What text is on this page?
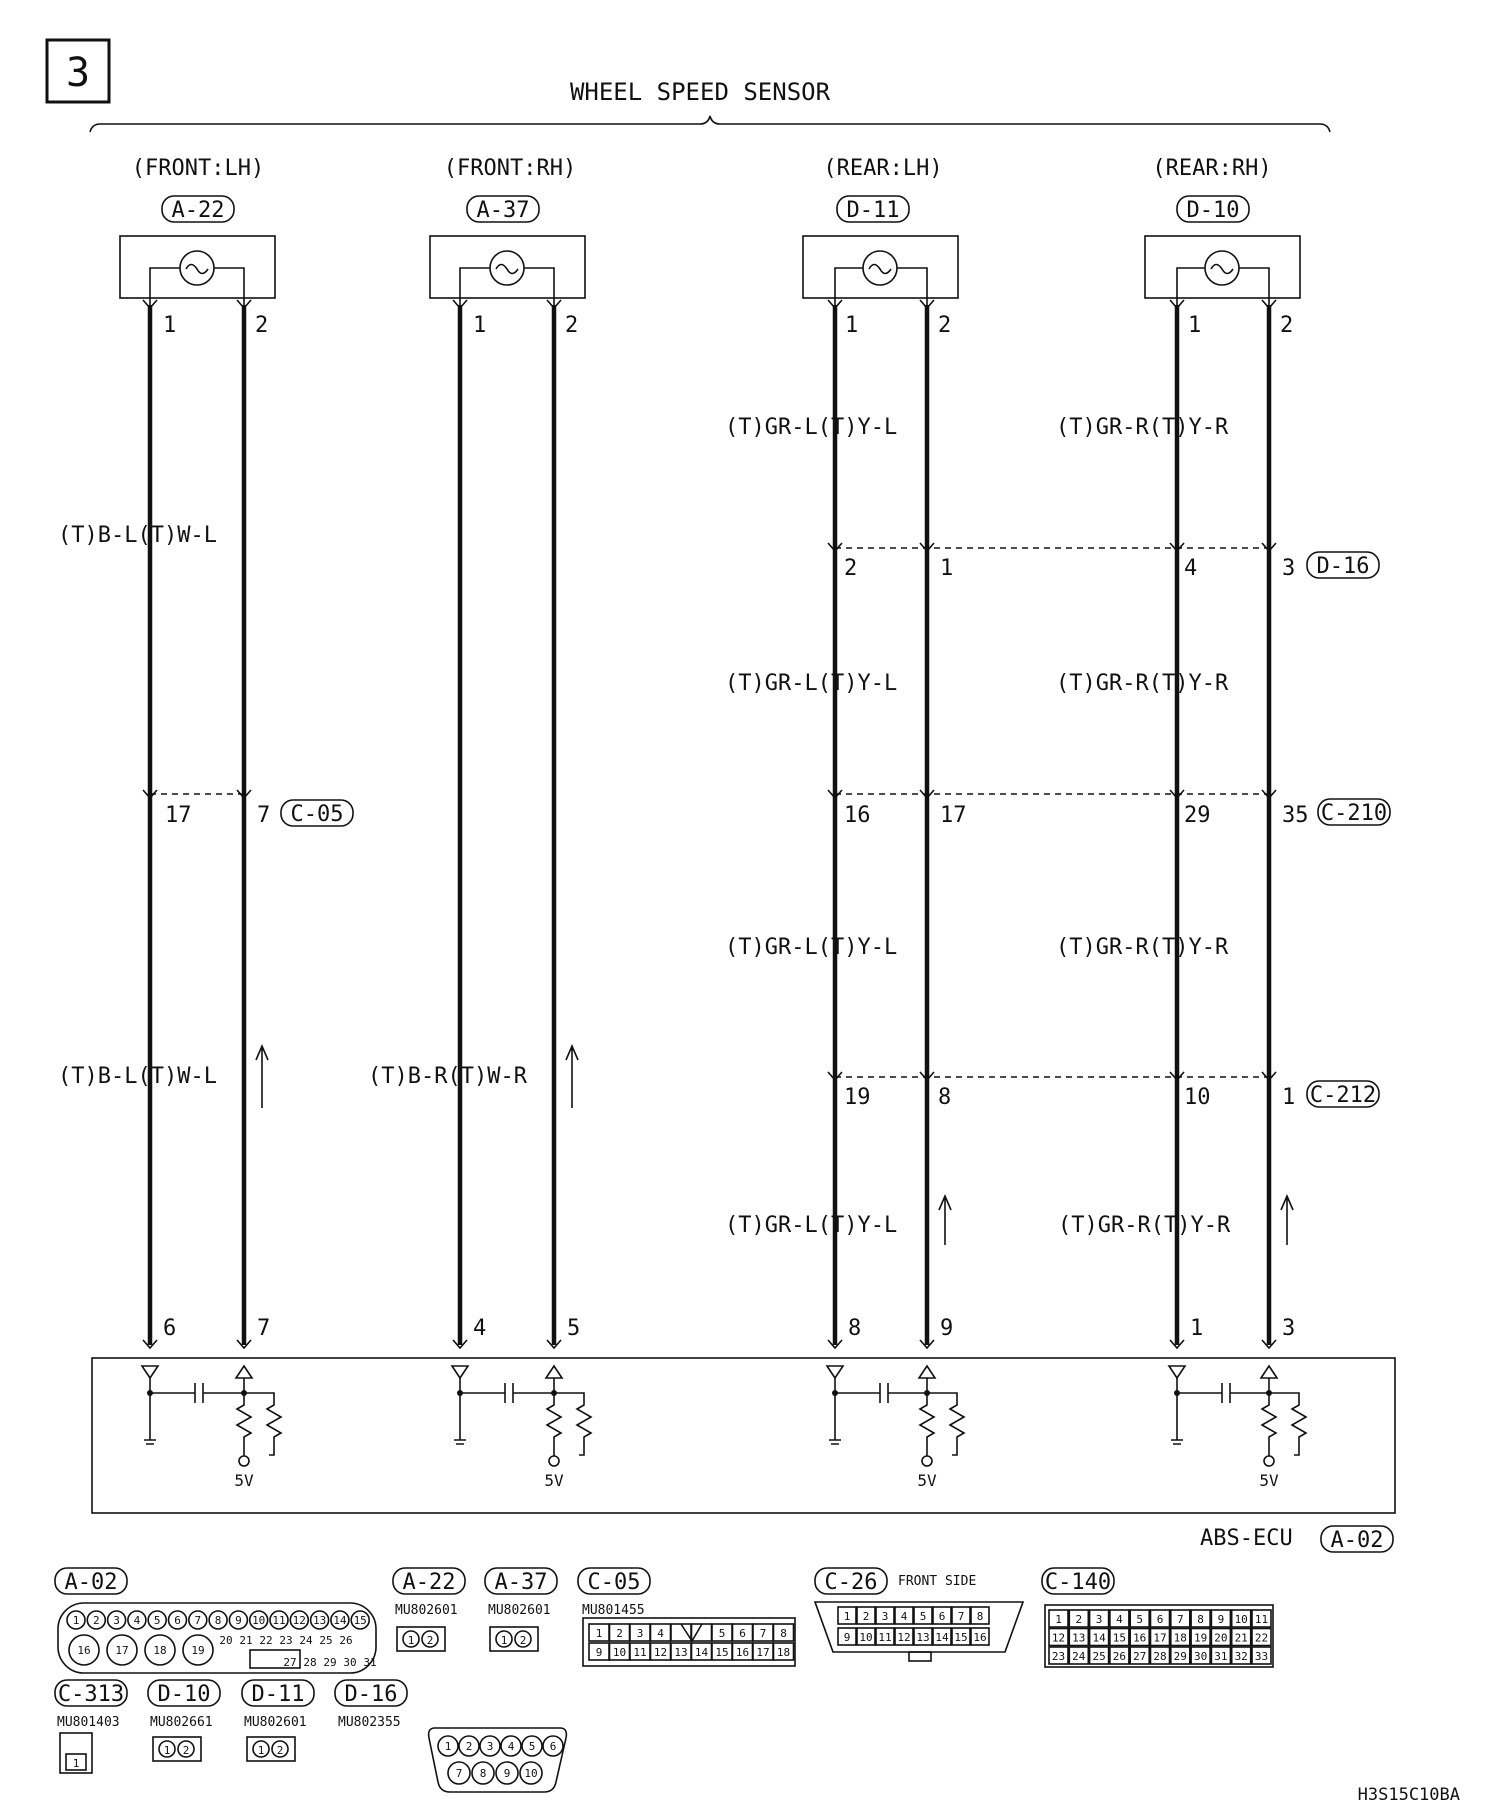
3	WHEEL SPEED SENSOR
(FRONT:LH)
A-22
1	2
(FRONT:RH)
A-37
1	2
(REAR:LH)
D-11
1	2
(REAR:RH)
D-10
1	2
(T)B-L(T)W-L
(T)B-L(T)W-L	(T)B-R(T)W-R
(T)GR-L(T)Y-L
(T)GR-L(T)Y-L
(T)GR-L(T)Y-L
(T)GR-L(T)Y-L
(T)GR-R(T)Y-R
(T)GR-R(T)Y-R
(T)GR-R(T)Y-R
(T)GR-R(T)Y-R
2	1	4	3 D-16
17	7 C-05	16	17	29	35 C-210
19	8	10	1 C-212
6	7	4	5	8	9	1	3
5V	5V	5V	5V
ABS-ECU A-02
A-02
1 2 3 4 5 6 7 8 9 10 11 12 13 14 15
16 17 18 19
20 21 22 23 24 25 26
27 28 29 30 31
A-22
MU802601
1 2
A-37
MU802601
1 2
C-05
MU801455
1 2 3 4	5 6 7 8
9 10 11 12 13 14 15 16 17 18
C-26 FRONT SIDE
1 2 3 4 5 6 7 8
9 10 11 12 13 14 15 16
C-140
1 2 3 4 5 6 7 8 9 10 11
12 13 14 15 16 17 18 19 20 21 22
23 24 25 26 27 28 29 30 31 32 33
C-313
MU801403
1
D-10
MU802661
1 2
D-11
MU802601
1 2
D-16
MU802355
1 2 3 4 5 6
7 8 9 10
H3S15C10BA
